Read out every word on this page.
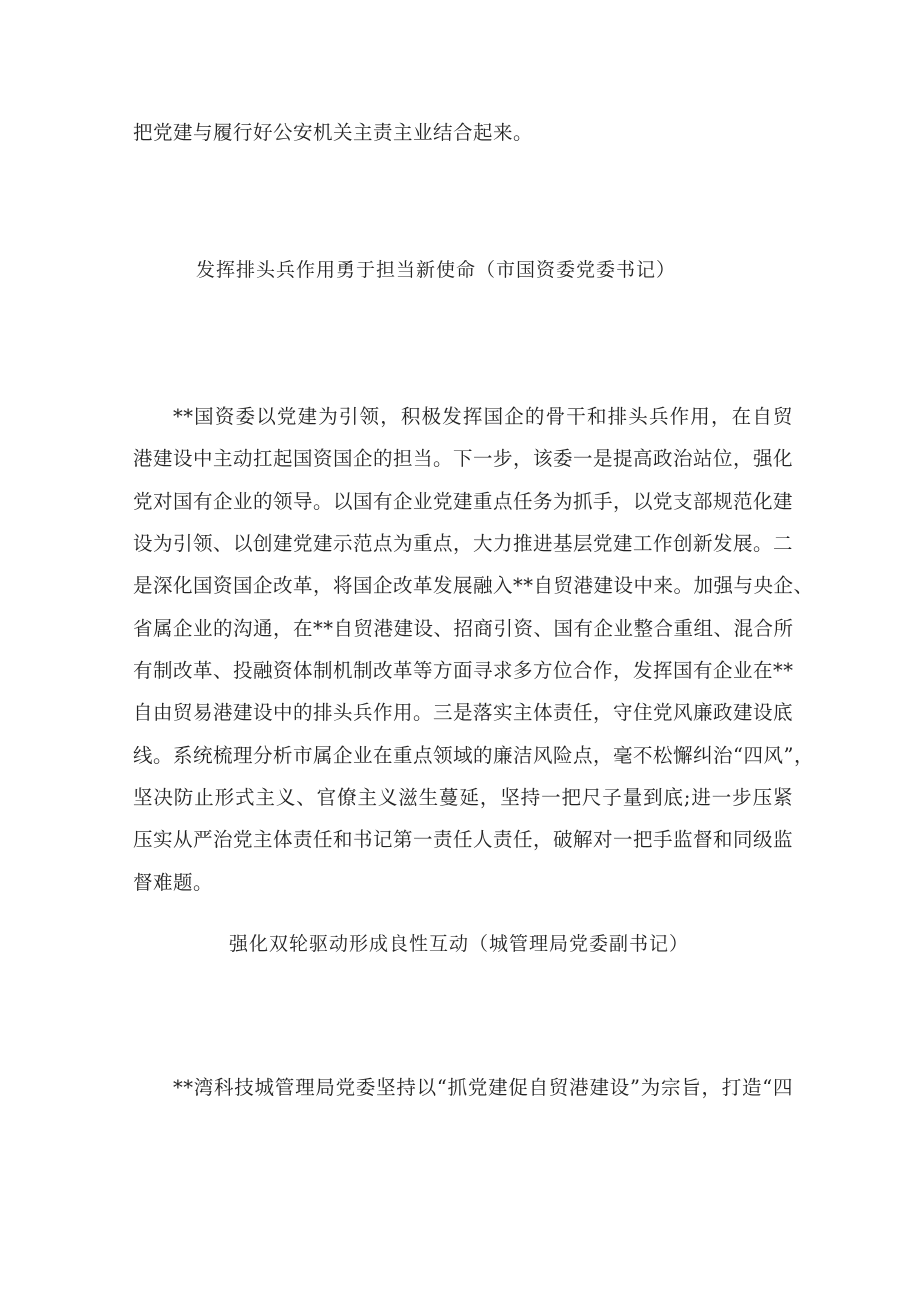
把党建与履行好公安机关主责主业结合起来。
发挥排头兵作用勇于担当新使命（市国资委党委书记）
**国资委以党建为引领，积极发挥国企的骨干和排头兵作用，在自贸
港建设中主动扛起国资国企的担当。下一步，该委一是提高政治站位，强化
党对国有企业的领导。以国有企业党建重点任务为抓手，以党支部规范化建
设为引领、以创建党建示范点为重点，大力推进基层党建工作创新发展。二
是深化国资国企改革，将国企改革发展融入**自贸港建设中来。加强与央企、
省属企业的沟通，在**自贸港建设、招商引资、国有企业整合重组、混合所
有制改革、投融资体制机制改革等方面寻求多方位合作，发挥国有企业在**
自由贸易港建设中的排头兵作用。三是落实主体责任，守住党风廉政建设底
线。系统梳理分析市属企业在重点领域的廉洁风险点，毫不松懈纠治“四风”，
坚决防止形式主义、官僚主义滋生蔓延，坚持一把尺子量到底;进一步压紧
压实从严治党主体责任和书记第一责任人责任，破解对一把手监督和同级监
督难题。
强化双轮驱动形成良性互动（城管理局党委副书记）
**湾科技城管理局党委坚持以“抓党建促自贸港建设”为宗旨，打造“四
